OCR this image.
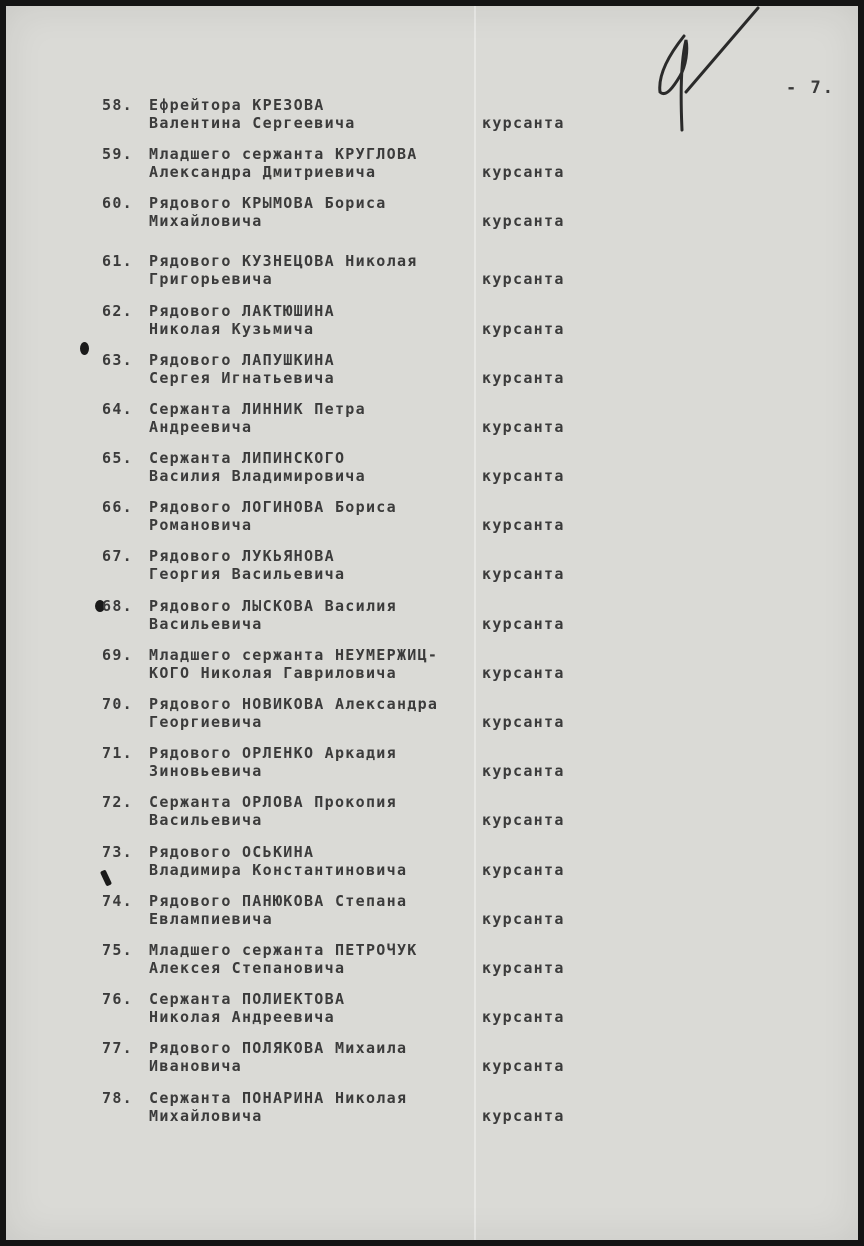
- 7.
58.	Ефрейтора КРЕЗОВА
Валентина Сергеевича	курсанта
59.	Младшего сержанта КРУГЛОВА
Александра Дмитриевича	курсанта
60.	Рядового КРЫМОВА Бориса
Михайловича	курсанта
61.	Рядового КУЗНЕЦОВА Николая
Григорьевича	курсанта
62.	Рядового ЛАКТЮШИНА
Николая Кузьмича	курсанта
63.	Рядового ЛАПУШКИНА
Сергея Игнатьевича	курсанта
64.	Сержанта ЛИННИК Петра
Андреевича	курсанта
65.	Сержанта ЛИПИНСКОГО
Василия Владимировича	курсанта
66.	Рядового ЛОГИНОВА Бориса
Романовича	курсанта
67.	Рядового ЛУКЬЯНОВА
Георгия Васильевича	курсанта
68.	Рядового ЛЫСКОВА Василия
Васильевича	курсанта
69.	Младшего сержанта НЕУМЕРЖИЦ-
КОГО Николая Гавриловича	курсанта
70.	Рядового НОВИКОВА Александра
Георгиевича	курсанта
71.	Рядового ОРЛЕНКО Аркадия
Зиновьевича	курсанта
72.	Сержанта ОРЛОВА Прокопия
Васильевича	курсанта
73.	Рядового ОСЬКИНА
Владимира Константиновича	курсанта
74.	Рядового ПАНЮКОВА Степана
Евлампиевича	курсанта
75.	Младшего сержанта ПЕТРОЧУК
Алексея Степановича	курсанта
76.	Сержанта ПОЛИЕКТОВА
Николая Андреевича	курсанта
77.	Рядового ПОЛЯКОВА Михаила
Ивановича	курсанта
78.	Сержанта ПОНАРИНА Николая
Михайловича	курсанта
